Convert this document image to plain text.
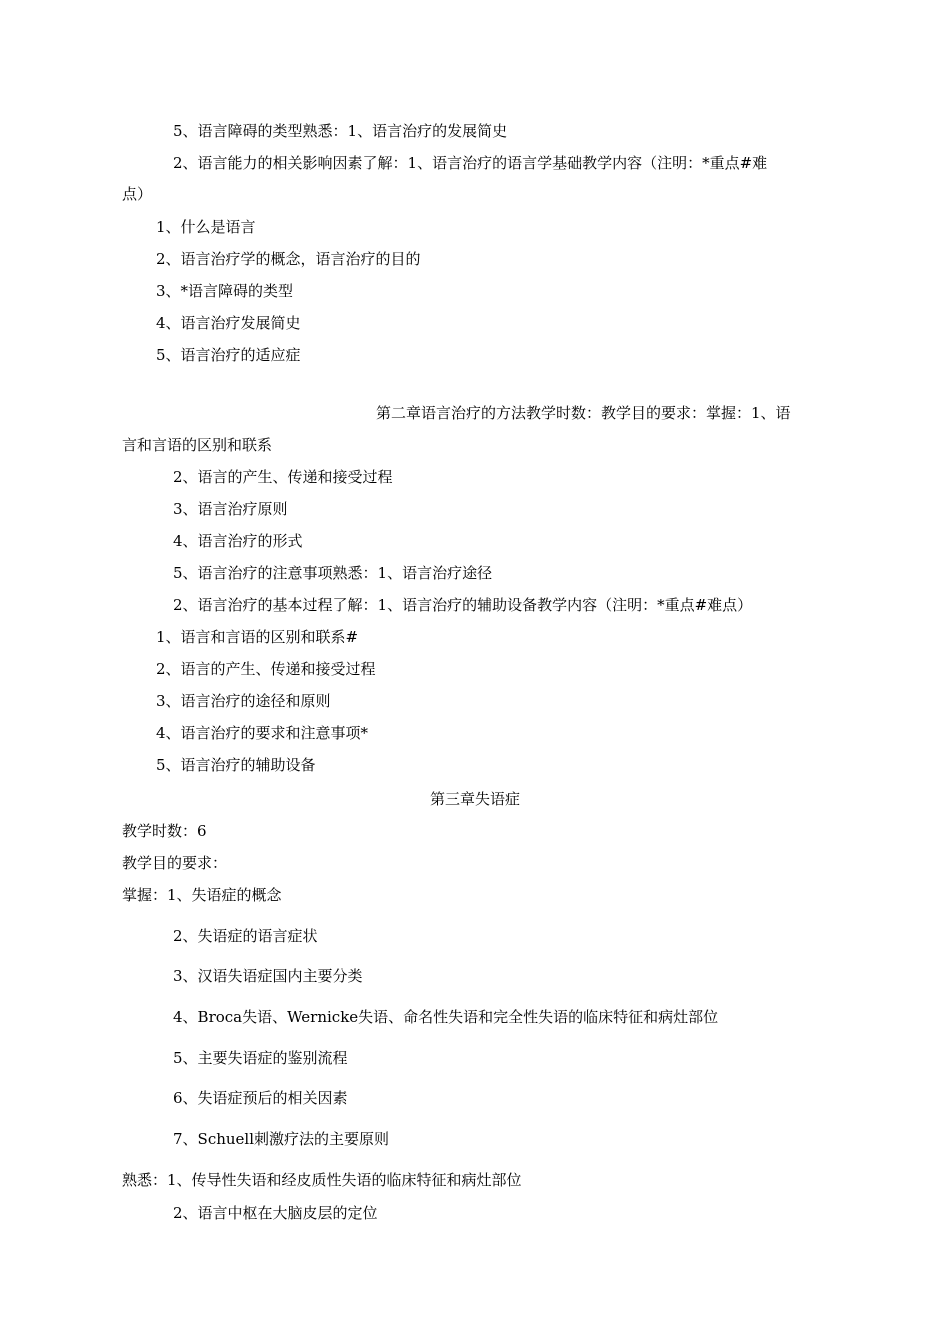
5、语言障碍的类型熟悉：1、语言治疗的发展简史
2、语言能力的相关影响因素了解：1、语言治疗的语言学基础教学内容（注明：*重点#难
点）
1、什么是语言
2、语言治疗学的概念，语言治疗的目的
3、*语言障碍的类型
4、语言治疗发展简史
5、语言治疗的适应症
第二章语言治疗的方法教学时数：教学目的要求：掌握：1、语
言和言语的区别和联系
2、语言的产生、传递和接受过程
3、语言治疗原则
4、语言治疗的形式
5、语言治疗的注意事项熟悉：1、语言治疗途径
2、语言治疗的基本过程了解：1、语言治疗的辅助设备教学内容（注明：*重点#难点）
1、语言和言语的区别和联系#
2、语言的产生、传递和接受过程
3、语言治疗的途径和原则
4、语言治疗的要求和注意事项*
5、语言治疗的辅助设备
第三章失语症
教学时数：6
教学目的要求：
掌握：1、失语症的概念
2、失语症的语言症状
3、汉语失语症国内主要分类
4、Broca失语、Wernicke失语、命名性失语和完全性失语的临床特征和病灶部位
5、主要失语症的鉴别流程
6、失语症预后的相关因素
7、Schuell刺激疗法的主要原则
熟悉：1、传导性失语和经皮质性失语的临床特征和病灶部位
2、语言中枢在大脑皮层的定位
